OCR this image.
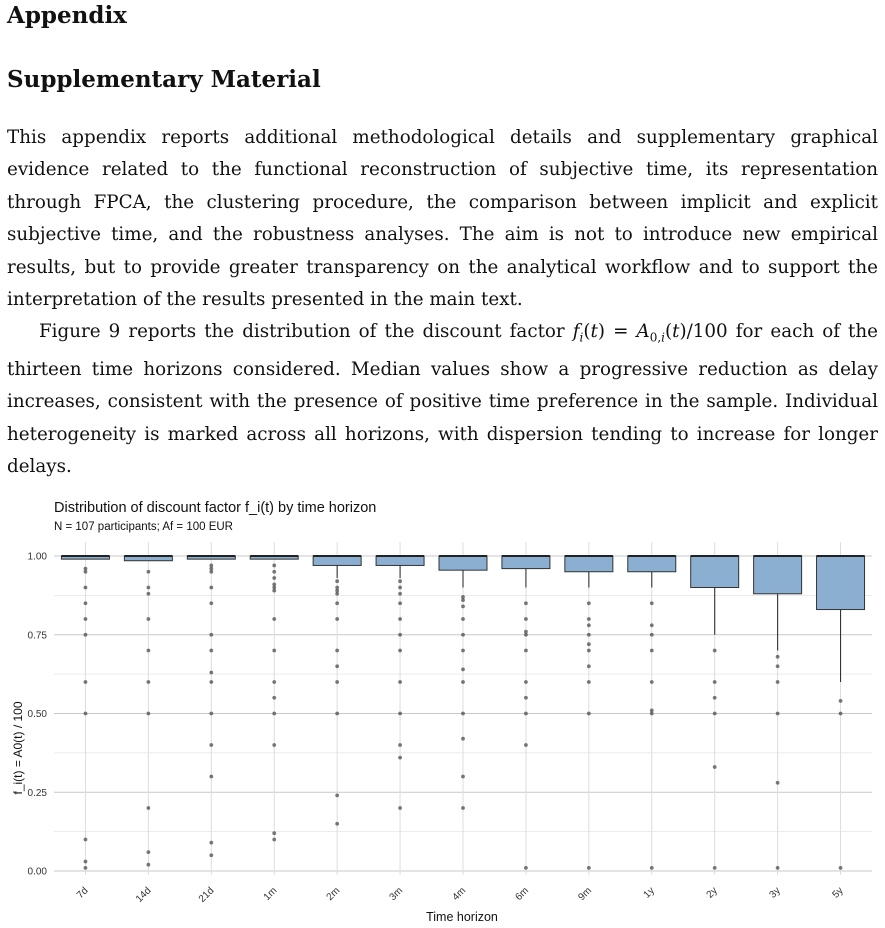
Appendix
Supplementary Material

This appendix reports additional methodological details and supplementary graphical evidence related to the functional reconstruction of subjective time, its representation through FPCA, the clustering procedure, the comparison between implicit and explicit subjective time, and the robustness analyses. The aim is not to introduce new empirical results, but to provide greater transparency on the analytical workflow and to support the interpretation of the results presented in the main text.

Figure 9 reports the distribution of the discount factor $f_i(t) = A_{0,i}(t)/100$ for each of the thirteen time horizons considered. Median values show a progressive reduction as delay increases, consistent with the presence of positive time preference in the sample. Individual heterogeneity is marked across all horizons, with dispersion tending to increase for longer delays.

Distribution of discount factor f_i(t) by time horizon
N = 107 participants; Af = 100 EUR
0.00
0.25
0.50
0.75
1.00
7d	14d	21d	1m	2m	3m	4m	6m	9m	1y	2y	3y	5y
Time horizon
f_i(t) = A0(t) / 100
